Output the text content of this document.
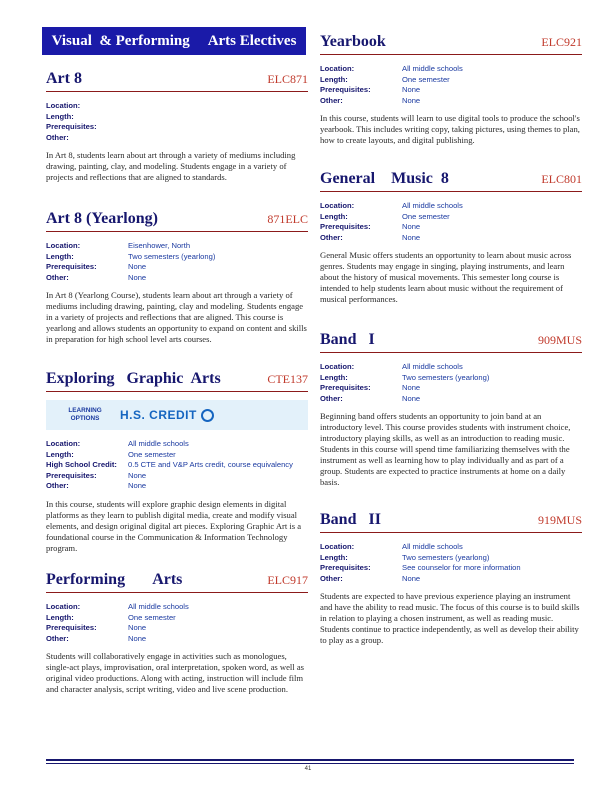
Visual  & Performing     Arts Electives
Art 8	ELC871
Location:
Length:
Prerequisites:
Other:

In Art 8, students learn about art through a variety of mediums including drawing, painting, clay, and modeling. Students engage in a variety of projects and reflections that are aligned to standards.

Art 8 (Yearlong)	871ELC
Location:	Eisenhower, North
Length:	Two semesters (yearlong)
Prerequisites:	None
Other:	None

In Art 8 (Yearlong Course), students learn about art through a variety of mediums including drawing, painting, clay and modeling. Students engage in a variety of projects and reflections that are aligned. This course is yearlong and allows students an opportunity to expand on content and skills in preparation for high school level arts courses.

Exploring   Graphic  Arts	CTE137
LEARNING
OPTIONS	H.S. CREDIT
Location:	All middle schools
Length:	One semester
High School Credit:	0.5 CTE and V&P Arts credit, course equivalency
Prerequisites:	None
Other:	None

In this course, students will explore graphic design elements in digital platforms as they learn to publish digital media, create and modify visual elements, and design original digital art pieces. Exploring Graphic Art is a foundational course in the Communication & Information Technology program.

Performing       Arts	ELC917
Location:	All middle schools
Length:	One semester
Prerequisites:	None
Other:	None

Students will collaboratively engage in activities such as monologues, single-act plays, improvisation, oral interpretation, spoken word, as well as original video productions. Along with acting, instruction will include film and character analysis, script writing, video and live scene production.

Yearbook	ELC921
Location:	All middle schools
Length:	One semester
Prerequisites:	None
Other:	None

In this course, students will learn to use digital tools to produce the school's yearbook. This includes writing copy, taking pictures, using themes to plan, how to create layouts, and digital publishing.

General    Music  8	ELC801
Location:	All middle schools
Length:	One semester
Prerequisites:	None
Other:	None

General Music offers students an opportunity to learn about music across genres. Students may engage in singing, playing instruments, and learn about the history of musical movements. This semester long course is intended to help students learn about music without the requirement of musical performances.

Band   I	909MUS
Location:	All middle schools
Length:	Two semesters (yearlong)
Prerequisites:	None
Other:	None

Beginning band offers students an opportunity to join band at an introductory level. This course provides students with instrument choice, introductory playing skills, as well as an introduction to reading music. Students in this course will spend time familiarizing themselves with the instrument as well as learning how to play individually and as part of a group. Students are expected to practice instruments at home on a daily basis.

Band   II	919MUS
Location:	All middle schools
Length:	Two semesters (yearlong)
Prerequisites:	See counselor for more information
Other:	None

Students are expected to have previous experience playing an instrument and have the ability to read music. The focus of this course is to build skills in relation to playing a chosen instrument, as well as reading music. Students continue to practice independently, as well as develop their ability to play as a group.

41
